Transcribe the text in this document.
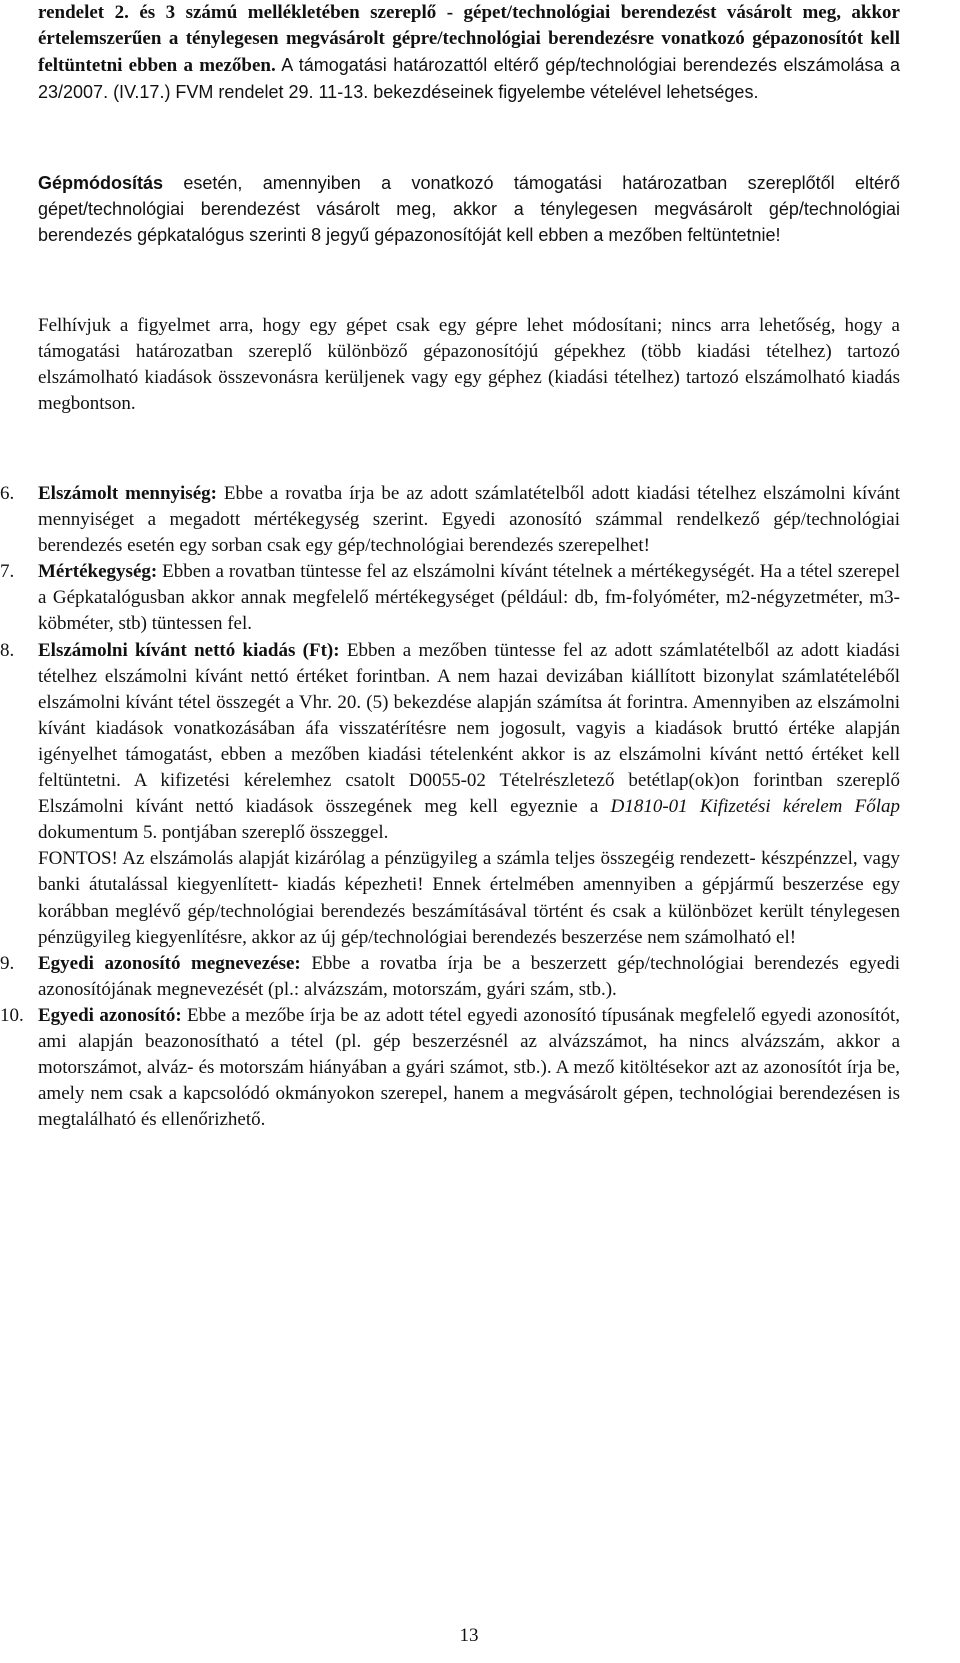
rendelet 2. és 3 számú mellékletében szereplő - gépet/technológiai berendezést vásárolt meg, akkor értelemszerűen a ténylegesen megvásárolt gépre/technológiai berendezésre vonatkozó gépazonosítót kell feltüntetni ebben a mezőben. A támogatási határozattól eltérő gép/technológiai berendezés elszámolása a 23/2007. (IV.17.) FVM rendelet 29. 11-13. bekezdéseinek figyelembe vételével lehetséges.

Gépmódosítás esetén, amennyiben a vonatkozó támogatási határozatban szereplőtől eltérő gépet/technológiai berendezést vásárolt meg, akkor a ténylegesen megvásárolt gép/technológiai berendezés gépkatalógus szerinti 8 jegyű gépazonosítóját kell ebben a mezőben feltüntetnie!

Felhívjuk a figyelmet arra, hogy egy gépet csak egy gépre lehet módosítani; nincs arra lehetőség, hogy a támogatási határozatban szereplő különböző gépazonosítójú gépekhez (több kiadási tételhez) tartozó elszámolható kiadások összevonásra kerüljenek vagy egy géphez (kiadási tételhez) tartozó elszámolható kiadás megbontson.

6.	Elszámolt mennyiség: Ebbe a rovatba írja be az adott számlatételből adott kiadási tételhez elszámolni kívánt mennyiséget a megadott mértékegység szerint. Egyedi azonosító számmal rendelkező gép/technológiai berendezés esetén egy sorban csak egy gép/technológiai berendezés szerepelhet!
7.	Mértékegység: Ebben a rovatban tüntesse fel az elszámolni kívánt tételnek a mértékegységét. Ha a tétel szerepel a Gépkatalógusban akkor annak megfelelő mértékegységet (például: db, fm-folyóméter, m2-négyzetméter, m3-köbméter, stb) tüntessen fel.
8.	Elszámolni kívánt nettó kiadás (Ft): Ebben a mezőben tüntesse fel az adott számlatételből az adott kiadási tételhez elszámolni kívánt nettó értéket forintban. A nem hazai devizában kiállított bizonylat számlatételéből elszámolni kívánt tétel összegét a Vhr. 20. (5) bekezdése alapján számítsa át forintra. Amennyiben az elszámolni kívánt kiadások vonatkozásában áfa visszatérítésre nem jogosult, vagyis a kiadások bruttó értéke alapján igényelhet támogatást, ebben a mezőben kiadási tételenként akkor is az elszámolni kívánt nettó értéket kell feltüntetni. A kifizetési kérelemhez csatolt D0055-02 Tételrészletező betétlap(ok)on forintban szereplő Elszámolni kívánt nettó kiadások összegének meg kell egyeznie a D1810-01 Kifizetési kérelem Főlap dokumentum 5. pontjában szereplő összeggel.
FONTOS! Az elszámolás alapját kizárólag a pénzügyileg a számla teljes összegéig rendezett- készpénzzel, vagy banki átutalással kiegyenlített- kiadás képezheti! Ennek értelmében amennyiben a gépjármű beszerzése egy korábban meglévő gép/technológiai berendezés beszámításával történt és csak a különbözet került ténylegesen pénzügyileg kiegyenlítésre, akkor az új gép/technológiai berendezés beszerzése nem számolható el!
9.	Egyedi azonosító megnevezése: Ebbe a rovatba írja be a beszerzett gép/technológiai berendezés egyedi azonosítójának megnevezését (pl.: alvázszám, motorszám, gyári szám, stb.).
10. Egyedi azonosító: Ebbe a mezőbe írja be az adott tétel egyedi azonosító típusának megfelelő egyedi azonosítót, ami alapján beazonosítható a tétel (pl. gép beszerzésnél az alvázszámot, ha nincs alvázszám, akkor a motorszámot, alváz- és motorszám hiányában a gyári számot, stb.). A mező kitöltésekor azt az azonosítót írja be, amely nem csak a kapcsolódó okmányokon szerepel, hanem a megvásárolt gépen, technológiai berendezésen is megtalálható és ellenőrizhető.
13
